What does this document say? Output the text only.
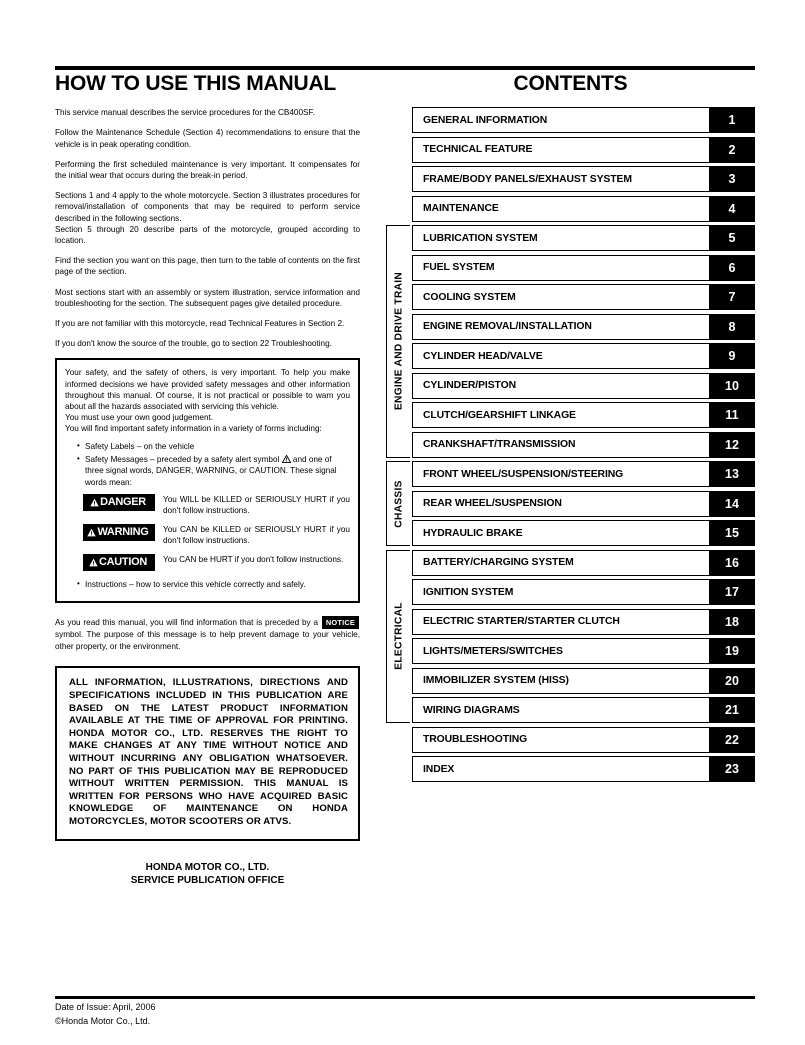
HOW TO USE THIS MANUAL

This service manual describes the service procedures for the CB400SF.

Follow the Maintenance Schedule (Section 4) recommendations to ensure that the vehicle is in peak operating condition.

Performing the first scheduled maintenance is very important. It compensates for the initial wear that occurs during the break-in period.

Sections 1 and 4 apply to the whole motorcycle. Section 3 illustrates procedures for removal/installation of components that may be required to perform service described in the following sections.

Section 5 through 20 describe parts of the motorcycle, grouped according to location.

Find the section you want on this page, then turn to the table of contents on the first page of the section.

Most sections start with an assembly or system illustration, service information and troubleshooting for the section. The subsequent pages give detailed procedure.

If you are not familiar with this motorcycle, read Technical Features in Section 2.

If you don't know the source of the trouble, go to section 22 Troubleshooting.

Your safety, and the safety of others, is very important. To help you make informed decisions we have provided safety messages and other information throughout this manual. Of course, it is not practical or possible to warn you about all the hazards associated with servicing this vehicle.
You must use your own good judgement.
You will find important safety information in a variety of forms including:
• Safety Labels – on the vehicle
• Safety Messages – preceded by a safety alert symbol
and one of three signal words, DANGER, WARNING, or CAUTION. These signal words mean:
DANGER You WILL be KILLED or SERIOUSLY HURT if you don't follow instructions.
WARNING You CAN be KILLED or SERIOUSLY HURT if you don't follow instructions.
CAUTION You CAN be HURT if you don't follow instructions.
• Instructions – how to service this vehicle correctly and safely.

As you read this manual, you will find information that is preceded by a NOTICE symbol. The purpose of this message is to help prevent damage to your vehicle, other property, or the environment.

ALL INFORMATION, ILLUSTRATIONS, DIRECTIONS AND SPECIFICATIONS INCLUDED IN THIS PUBLICATION ARE BASED ON THE LATEST PRODUCT INFORMATION AVAILABLE AT THE TIME OF APPROVAL FOR PRINTING. HONDA MOTOR CO., LTD. RESERVES THE RIGHT TO MAKE CHANGES AT ANY TIME WITHOUT NOTICE AND WITHOUT INCURRING ANY OBLIGATION WHATSOEVER. NO PART OF THIS PUBLICATION MAY BE REPRODUCED WITHOUT WRITTEN PERMISSION. THIS MANUAL IS WRITTEN FOR PERSONS WHO HAVE ACQUIRED BASIC KNOWLEDGE OF MAINTENANCE ON HONDA MOTORCYCLES, MOTOR SCOOTERS OR ATVS.

HONDA MOTOR CO., LTD.
SERVICE PUBLICATION OFFICE
CONTENTS
GENERAL INFORMATION	1
TECHNICAL FEATURE	2
FRAME/BODY PANELS/EXHAUST SYSTEM	3
MAINTENANCE	4
LUBRICATION SYSTEM	5
FUEL SYSTEM	6
COOLING SYSTEM	7
ENGINE REMOVAL/INSTALLATION	8
CYLINDER HEAD/VALVE	9
CYLINDER/PISTON	10
CLUTCH/GEARSHIFT LINKAGE	11
CRANKSHAFT/TRANSMISSION	12
FRONT WHEEL/SUSPENSION/STEERING	13
REAR WHEEL/SUSPENSION	14
HYDRAULIC BRAKE	15
BATTERY/CHARGING SYSTEM	16
IGNITION SYSTEM	17
ELECTRIC STARTER/STARTER CLUTCH	18
LIGHTS/METERS/SWITCHES	19
IMMOBILIZER SYSTEM (HISS)	20
WIRING DIAGRAMS	21
TROUBLESHOOTING	22
INDEX	23
ENGINE AND DRIVE TRAIN
CHASSIS
ELECTRICAL
Date of Issue: April, 2006
©Honda Motor Co., Ltd.
